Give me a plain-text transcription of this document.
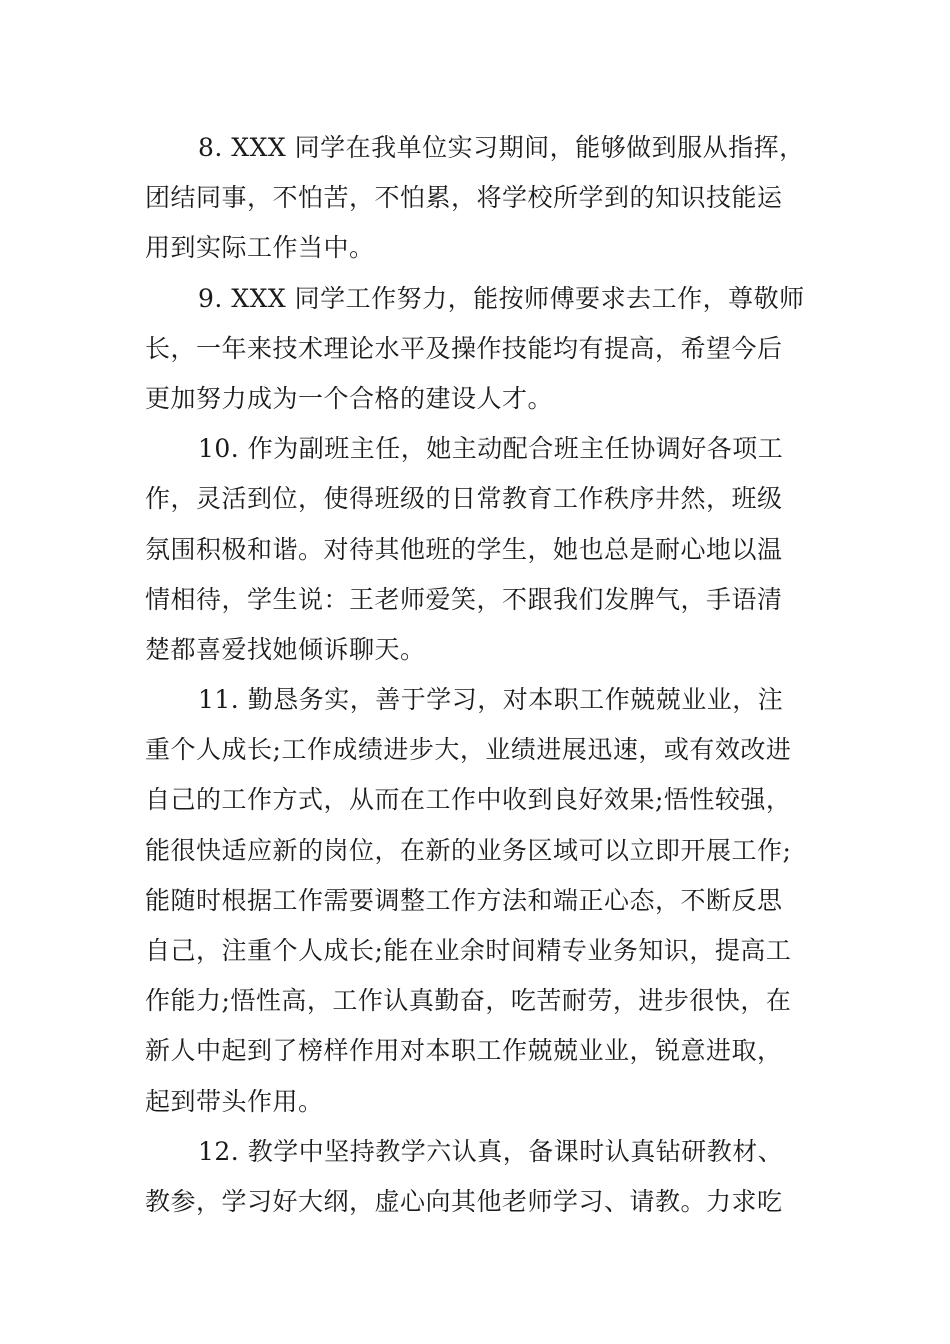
8. XXX 同学在我单位实习期间，能够做到服从指挥，
团结同事，不怕苦，不怕累，将学校所学到的知识技能运
用到实际工作当中。
9. XXX 同学工作努力，能按师傅要求去工作，尊敬师
长，一年来技术理论水平及操作技能均有提高，希望今后
更加努力成为一个合格的建设人才。
10. 作为副班主任，她主动配合班主任协调好各项工
作，灵活到位，使得班级的日常教育工作秩序井然，班级
氛围积极和谐。对待其他班的学生，她也总是耐心地以温
情相待，学生说：王老师爱笑，不跟我们发脾气，手语清
楚都喜爱找她倾诉聊天。
11. 勤恳务实，善于学习，对本职工作兢兢业业，注
重个人成长;工作成绩进步大，业绩进展迅速，或有效改进
自己的工作方式，从而在工作中收到良好效果;悟性较强，
能很快适应新的岗位，在新的业务区域可以立即开展工作;
能随时根据工作需要调整工作方法和端正心态，不断反思
自己，注重个人成长;能在业余时间精专业务知识，提高工
作能力;悟性高，工作认真勤奋，吃苦耐劳，进步很快，在
新人中起到了榜样作用对本职工作兢兢业业，锐意进取，
起到带头作用。
12. 教学中坚持教学六认真，备课时认真钻研教材、
教参，学习好大纲，虚心向其他老师学习、请教。力求吃
